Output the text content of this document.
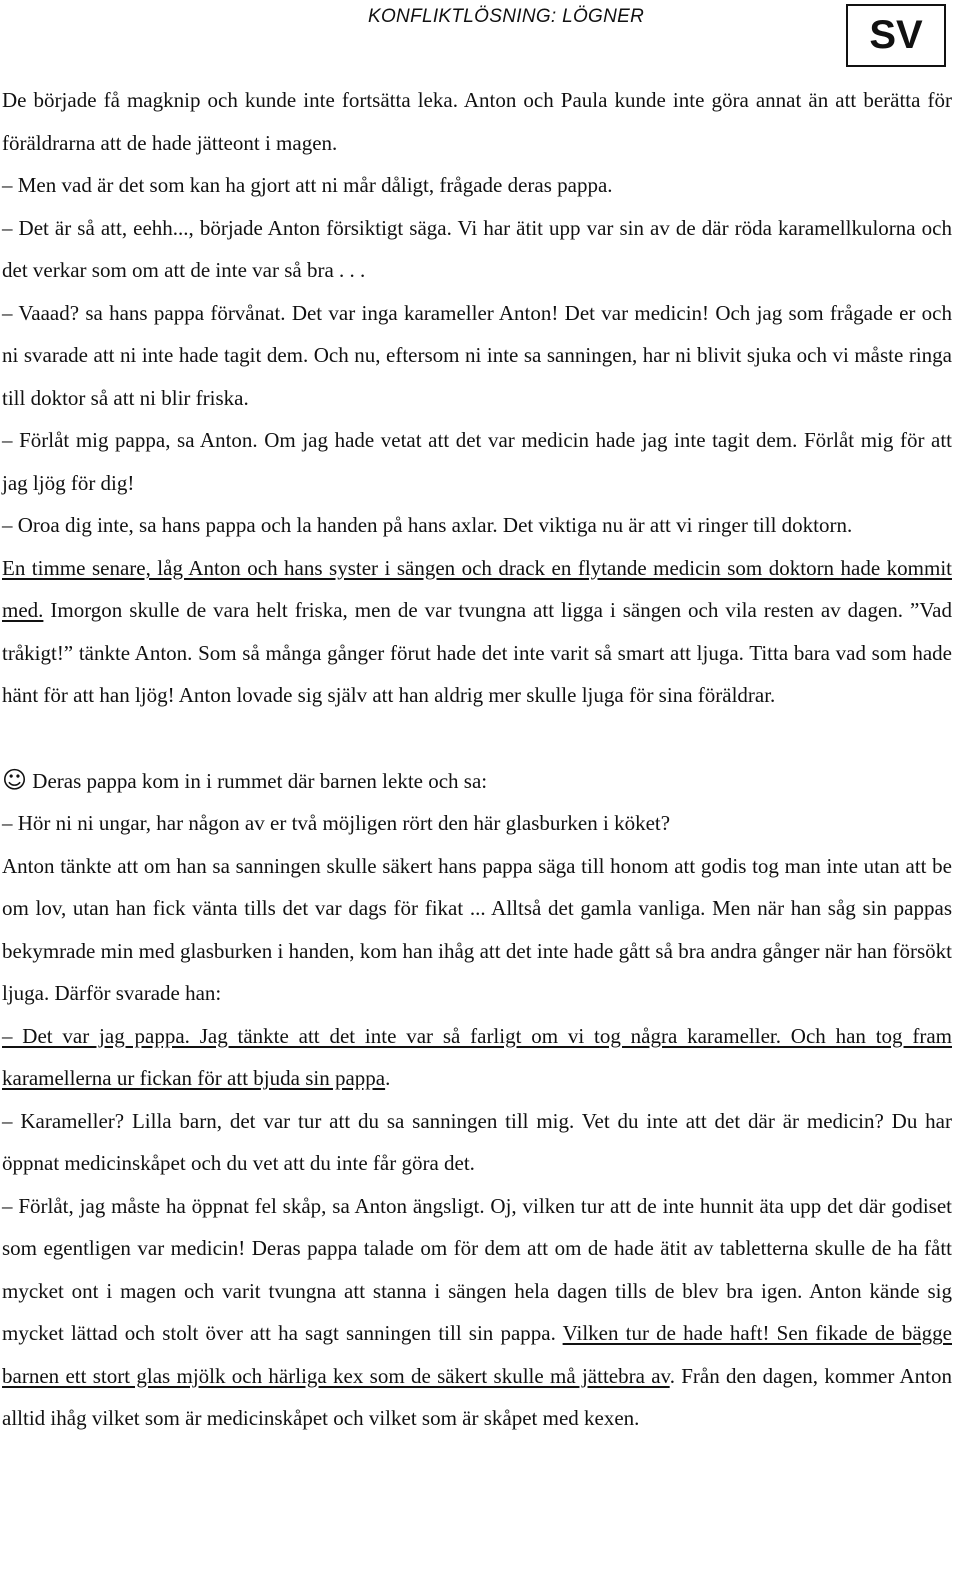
KONFLIKTLÖSNING: LÖGNER	SV

De började få magknip och kunde inte fortsätta leka. Anton och Paula kunde inte göra annat än att berätta för föräldrarna att de hade jätteont i magen.

– Men vad är det som kan ha gjort att ni mår dåligt, frågade deras pappa.

– Det är så att, eehh..., började Anton försiktigt säga. Vi har ätit upp var sin av de där röda karamellkulorna och det verkar som om att de inte var så bra . . .

– Vaaad? sa hans pappa förvånat. Det var inga karameller Anton! Det var medicin! Och jag som frågade er och ni svarade att ni inte hade tagit dem. Och nu, eftersom ni inte sa sanningen, har ni blivit sjuka och vi måste ringa till doktor så att ni blir friska.

– Förlåt mig pappa, sa Anton. Om jag hade vetat att det var medicin hade jag inte tagit dem. Förlåt mig för att jag ljög för dig!

– Oroa dig inte, sa hans pappa och la handen på hans axlar. Det viktiga nu är att vi ringer till doktorn.

En timme senare, låg Anton och hans syster i sängen och drack en flytande medicin som doktorn hade kommit med. Imorgon skulle de vara helt friska, men de var tvungna att ligga i sängen och vila resten av dagen. ”Vad tråkigt!” tänkte Anton. Som så många gånger förut hade det inte varit så smart att ljuga. Titta bara vad som hade hänt för att han ljög! Anton lovade sig själv att han aldrig mer skulle ljuga för sina föräldrar.

☺ Deras pappa kom in i rummet där barnen lekte och sa:

– Hör ni ni ungar, har någon av er två möjligen rört den här glasburken i köket?

Anton tänkte att om han sa sanningen skulle säkert hans pappa säga till honom att godis tog man inte utan att be om lov, utan han fick vänta tills det var dags för fikat ... Alltså det gamla vanliga. Men när han såg sin pappas bekymrade min med glasburken i handen, kom han ihåg att det inte hade gått så bra andra gånger när han försökt ljuga. Därför svarade han:

– Det var jag pappa. Jag tänkte att det inte var så farligt om vi tog några karameller. Och han tog fram karamellerna ur fickan för att bjuda sin pappa.

– Karameller? Lilla barn, det var tur att du sa sanningen till mig. Vet du inte att det där är medicin? Du har öppnat medicinskåpet och du vet att du inte får göra det.

– Förlåt, jag måste ha öppnat fel skåp, sa Anton ängsligt. Oj, vilken tur att de inte hunnit äta upp det där godiset som egentligen var medicin! Deras pappa talade om för dem att om de hade ätit av tabletterna skulle de ha fått mycket ont i magen och varit tvungna att stanna i sängen hela dagen tills de blev bra igen. Anton kände sig mycket lättad och stolt över att ha sagt sanningen till sin pappa. Vilken tur de hade haft! Sen fikade de bägge barnen ett stort glas mjölk och härliga kex som de säkert skulle må jättebra av. Från den dagen, kommer Anton alltid ihåg vilket som är medicinskåpet och vilket som är skåpet med kexen.
